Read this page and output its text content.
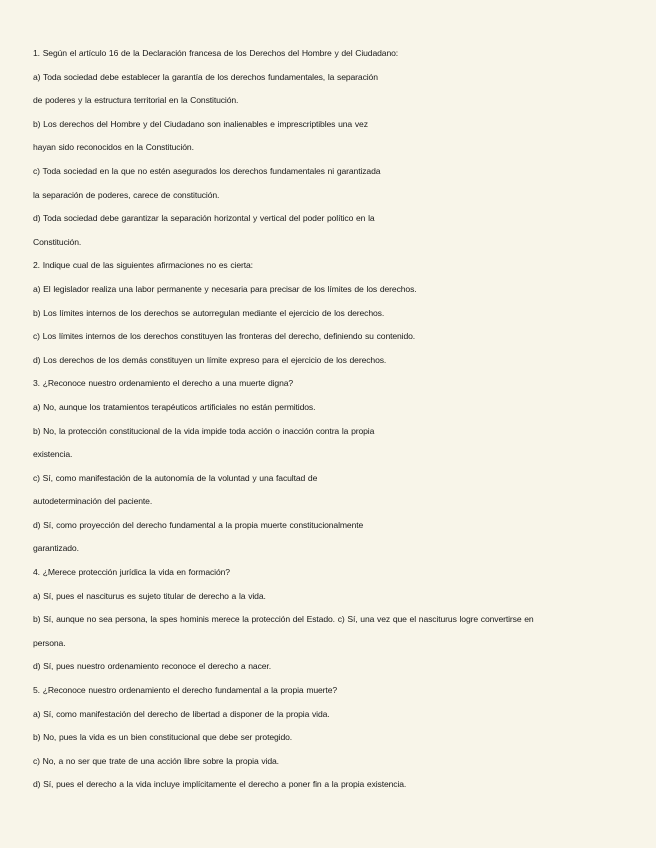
1. Según el artículo 16 de la Declaración francesa de los Derechos del Hombre y del Ciudadano:
a) Toda sociedad debe establecer la garantía de los derechos fundamentales, la separación
de poderes y la estructura territorial en la Constitución.
b) Los derechos del Hombre y del Ciudadano son inalienables e imprescriptibles una vez
hayan sido reconocidos en la Constitución.
c) Toda sociedad en la que no estén asegurados los derechos fundamentales ni garantizada
la separación de poderes, carece de constitución.
d) Toda sociedad debe garantizar la separación horizontal y vertical del poder político en la
Constitución.
2. Indique cual de las siguientes afirmaciones no es cierta:
a) El legislador realiza una labor permanente y necesaria para precisar de los límites de los derechos.
b) Los límites internos de los derechos se autorregulan mediante el ejercicio de los derechos.
c) Los límites internos de los derechos constituyen las fronteras del derecho, definiendo su contenido.
d) Los derechos de los demás constituyen un límite expreso para el ejercicio de los derechos.
3. ¿Reconoce nuestro ordenamiento el derecho a una muerte digna?
a) No, aunque los tratamientos terapéuticos artificiales no están permitidos.
b) No, la protección constitucional de la vida impide toda acción o inacción contra la propia
existencia.
c) Sí, como manifestación de la autonomía de la voluntad y una facultad de
autodeterminación del paciente.
d) Sí, como proyección del derecho fundamental a la propia muerte constitucionalmente
garantizado.
4. ¿Merece protección jurídica la vida en formación?
a) Sí, pues el nasciturus es sujeto titular de derecho a la vida.
b) Sí, aunque no sea persona, la spes hominis merece la protección del Estado. c) Sí, una vez que el nasciturus logre convertirse en
persona.
d) Sí, pues nuestro ordenamiento reconoce el derecho a nacer.
5. ¿Reconoce nuestro ordenamiento el derecho fundamental a la propia muerte?
a) Sí, como manifestación del derecho de libertad a disponer de la propia vida.
b) No, pues la vida es un bien constitucional que debe ser protegido.
c) No, a no ser que trate de una acción libre sobre la propia vida.
d) Sí, pues el derecho a la vida incluye implícitamente el derecho a poner fin a la propia existencia.
